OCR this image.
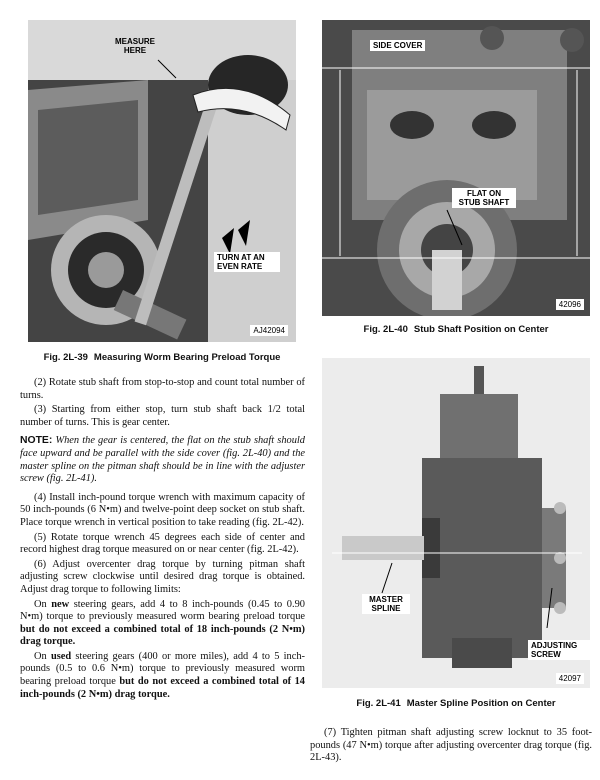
MEASURE HERE
TURN AT AN EVEN RATE
AJ42094
Fig. 2L-39 Measuring Worm Bearing Preload Torque
SIDE COVER
FLAT ON STUB SHAFT
42096
Fig. 2L-40 Stub Shaft Position on Center
MASTER SPLINE
ADJUSTING SCREW
42097
Fig. 2L-41 Master Spline Position on Center

(2) Rotate stub shaft from stop-to-stop and count total number of turns.

(3) Starting from either stop, turn stub shaft back 1/2 total number of turns. This is gear center.

NOTE: When the gear is centered, the flat on the stub shaft should face upward and be parallel with the side cover (fig. 2L-40) and the master spline on the pitman shaft should be in line with the adjuster screw (fig. 2L-41).

(4) Install inch-pound torque wrench with maximum capacity of 50 inch-pounds (6 N•m) and twelve-point deep socket on stub shaft. Place torque wrench in vertical position to take reading (fig. 2L-42).

(5) Rotate torque wrench 45 degrees each side of center and record highest drag torque measured on or near center (fig. 2L-42).

(6) Adjust overcenter drag torque by turning pitman shaft adjusting screw clockwise until desired drag torque is obtained. Adjust drag torque to following limits:

On new steering gears, add 4 to 8 inch-pounds (0.45 to 0.90 N•m) torque to previously measured worm bearing preload torque but do not exceed a combined total of 18 inch-pounds (2 N•m) drag torque.

On used steering gears (400 or more miles), add 4 to 5 inch-pounds (0.5 to 0.6 N•m) torque to previously measured worm bearing preload torque but do not exceed a combined total of 14 inch-pounds (2 N•m) drag torque.

(7) Tighten pitman shaft adjusting screw locknut to 35 foot-pounds (47 N•m) torque after adjusting overcenter drag torque (fig. 2L-43).
